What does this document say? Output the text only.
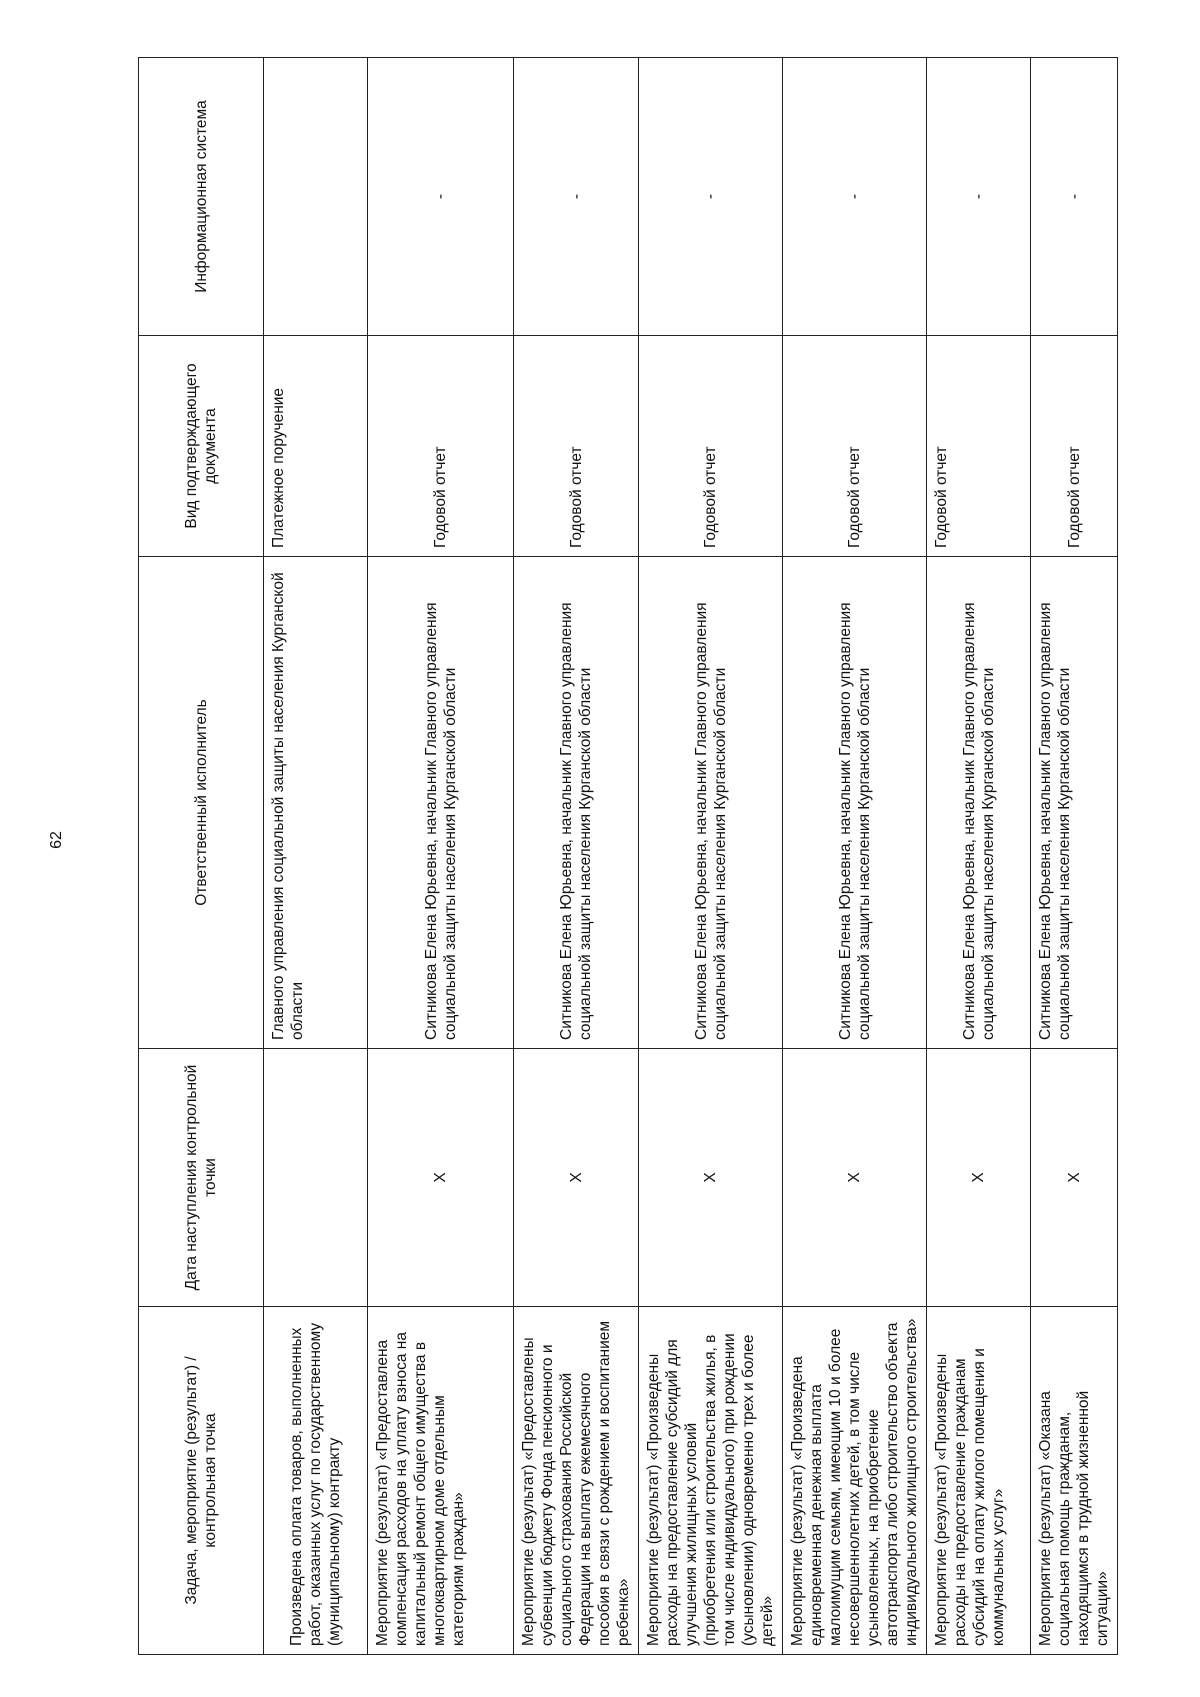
62
Задача, мероприятие (результат) / контрольная точка	Дата наступления контрольной точки	Ответственный исполнитель	Вид подтверждающего документа	Информационная система
Произведена оплата товаров, выполненных работ, оказанных услуг по государственному (муниципальному) контракту		Главного управления социальной защиты населения Курганской области	Платежное поручение	
Мероприятие (результат) «Предоставлена компенсация расходов на уплату взноса на капитальный ремонт общего имущества в многоквартирном доме отдельным категориям граждан»	X	Ситникова Елена Юрьевна, начальник Главного управления социальной защиты населения Курганской области	Годовой отчет	-
Мероприятие (результат) «Предоставлены субвенции бюджету Фонда пенсионного и социального страхования Российской Федерации на выплату ежемесячного пособия в связи с рождением и воспитанием ребенка»	X	Ситникова Елена Юрьевна, начальник Главного управления социальной защиты населения Курганской области	Годовой отчет	-
Мероприятие (результат) «Произведены расходы на предоставление субсидий для улучшения жилищных условий (приобретения или строительства жилья, в том числе индивидуального) при рождении (усыновлении) одновременно трех и более детей»	X	Ситникова Елена Юрьевна, начальник Главного управления социальной защиты населения Курганской области	Годовой отчет	-
Мероприятие (результат) «Произведена единовременная денежная выплата малоимущим семьям, имеющим 10 и более несовершеннолетних детей, в том числе усыновленных, на приобретение автотранспорта либо строительство объекта индивидуального жилищного строительства»	X	Ситникова Елена Юрьевна, начальник Главного управления социальной защиты населения Курганской области	Годовой отчет	-
Мероприятие (результат) «Произведены расходы на предоставление гражданам субсидий на оплату жилого помещения и коммунальных услуг»	X	Ситникова Елена Юрьевна, начальник Главного управления социальной защиты населения Курганской области	Годовой отчет	-
Мероприятие (результат) «Оказана социальная помощь гражданам, находящимся в трудной жизненной ситуации»	X	Ситникова Елена Юрьевна, начальник Главного управления социальной защиты населения Курганской области	Годовой отчет	-
